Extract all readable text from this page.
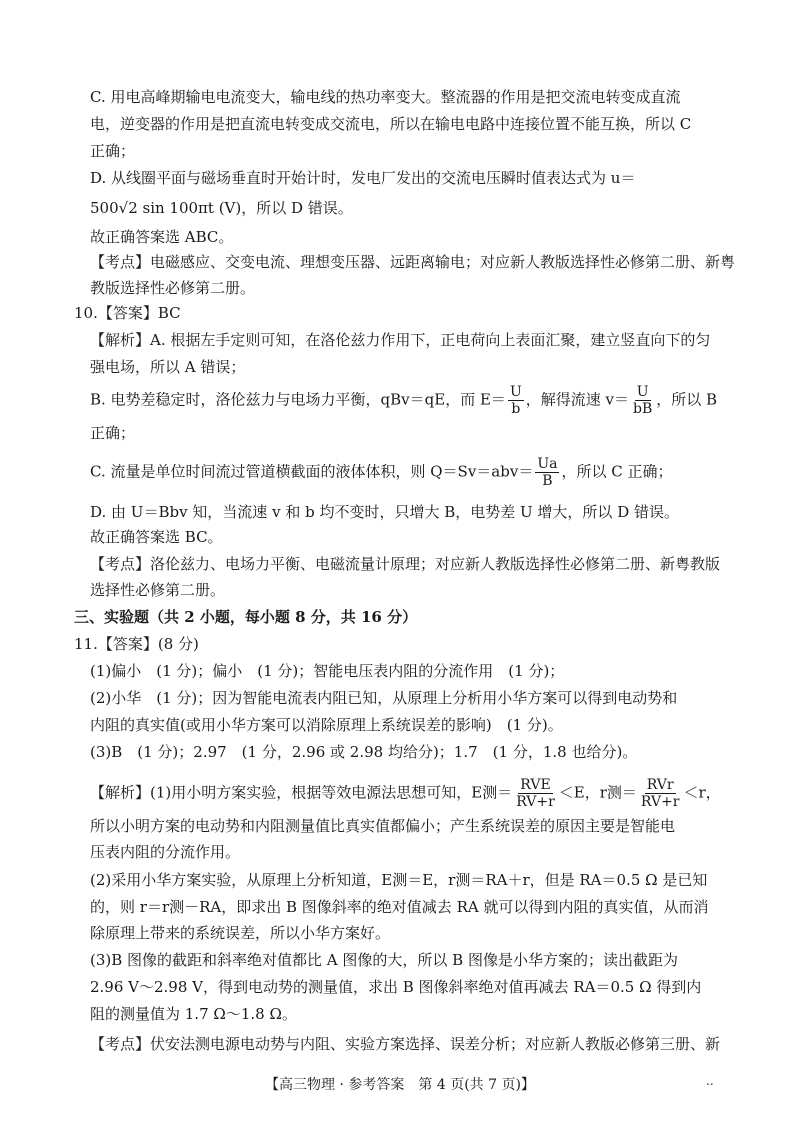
C. 用电高峰期输电电流变大，输电线的热功率变大。整流器的作用是把交流电转变成直流
电，逆变器的作用是把直流电转变成交流电，所以在输电电路中连接位置不能互换，所以 C
正确；
D. 从线圈平面与磁场垂直时开始计时，发电厂发出的交流电压瞬时值表达式为 u＝
500√2 sin 100πt (V)，所以 D 错误。
故正确答案选 ABC。
【考点】电磁感应、交变电流、理想变压器、远距离输电；对应新人教版选择性必修第二册、新粤
教版选择性必修第二册。
10.【答案】BC
【解析】A. 根据左手定则可知，在洛伦兹力作用下，正电荷向上表面汇聚，建立竖直向下的匀
强电场，所以 A 错误；
B. 电势差稳定时，洛伦兹力与电场力平衡，qBv＝qE，而 $E= \frac{U}{b}$ ，解得流速 $v= \frac{U}{bB}$ ，所以 B
正确；
C. 流量是单位时间流过管道横截面的液体体积，则 $Q=Sv=abv= \frac{Ua}{B}$ ，所以 C 正确；
D. 由 U＝Bbv 知，当流速 v 和 b 均不变时，只增大 B，电势差 U 增大，所以 D 错误。
故正确答案选 BC。
【考点】洛伦兹力、电场力平衡、电磁流量计原理；对应新人教版选择性必修第二册、新粤教版
选择性必修第二册。
三、实验题（共 2 小题，每小题 8 分，共 16 分）
11.【答案】(8 分)
(1)偏小　(1 分)；偏小　(1 分)；智能电压表内阻的分流作用　(1 分)；
(2)小华　(1 分)；因为智能电流表内阻已知，从原理上分析用小华方案可以得到电动势和
内阻的真实值(或用小华方案可以消除原理上系统误差的影响)　(1 分)。
(3)B　(1 分)；2.97　(1 分，2.96 或 2.98 均给分)；1.7　(1 分，1.8 也给分)。
【解析】(1)用小明方案实验，根据等效电源法思想可知，E测＝ $\frac{\text{RVE}}{RV+r} <E$，r测＝ $\frac{\text{RVr}}{RV+r} <r$，
所以小明方案的电动势和内阻测量值比真实值都偏小；产生系统误差的原因主要是智能电
压表内阻的分流作用。
(2)采用小华方案实验，从原理上分析知道，E测＝E，r测＝RA＋r，但是 RA＝0.5 Ω 是已知
的，则 r＝r测－RA，即求出 B 图像斜率的绝对值减去 RA 就可以得到内阻的真实值，从而消
除原理上带来的系统误差，所以小华方案好。
(3)B 图像的截距和斜率绝对值都比 A 图像的大，所以 B 图像是小华方案的；读出截距为
2.96 V～2.98 V，得到电动势的测量值，求出 B 图像斜率绝对值再减去 RA＝0.5 Ω 得到内
阻的测量值为 1.7 Ω～1.8 Ω。
【考点】伏安法测电源电动势与内阻、实验方案选择、误差分析；对应新人教版必修第三册、新
【高三物理 · 参考答案　第 4 页(共 7 页)】	..
